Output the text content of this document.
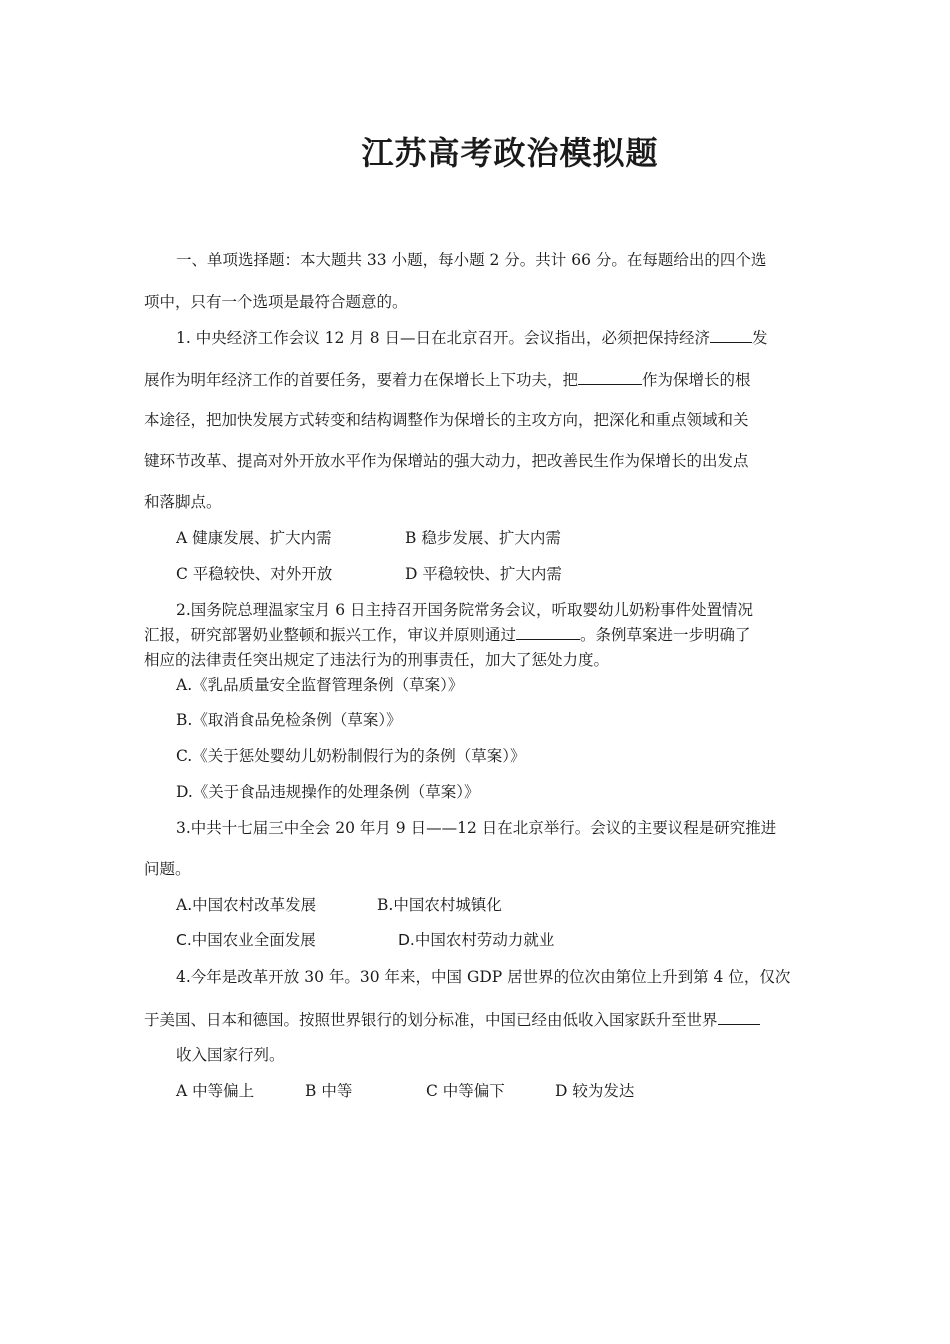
江苏高考政治模拟题
一、单项选择题：本大题共 33 小题，每小题 2 分。共计 66 分。在每题给出的四个选
项中，只有一个选项是最符合题意的。
1. 中央经济工作会议 12 月 8 日—日在北京召开。会议指出，必须把保持经济	发
展作为明年经济工作的首要任务，要着力在保增长上下功夫，把	作为保增长的根
本途径，把加快发展方式转变和结构调整作为保增长的主攻方向，把深化和重点领域和关
键环节改革、提高对外开放水平作为保增站的强大动力，把改善民生作为保增长的出发点
和落脚点。
A 健康发展、扩大内需	B 稳步发展、扩大内需
C 平稳较快、对外开放	D 平稳较快、扩大内需
2.国务院总理温家宝月 6 日主持召开国务院常务会议，听取婴幼儿奶粉事件处置情况
汇报，研究部署奶业整顿和振兴工作，审议并原则通过	。条例草案进一步明确了
相应的法律责任突出规定了违法行为的刑事责任，加大了惩处力度。
A.《乳品质量安全监督管理条例（草案）》
B.《取消食品免检条例（草案）》
C.《关于惩处婴幼儿奶粉制假行为的条例（草案）》
D.《关于食品违规操作的处理条例（草案）》
3.中共十七届三中全会 20 年月 9 日——12 日在北京举行。会议的主要议程是研究推进
问题。
A.中国农村改革发展	B.中国农村城镇化
C.中国农业全面发展	D.中国农村劳动力就业
4.今年是改革开放 30 年。30 年来，中国 GDP 居世界的位次由第位上升到第 4 位，仅次
于美国、日本和德国。按照世界银行的划分标准，中国已经由低收入国家跃升至世界
收入国家行列。
A 中等偏上	B 中等	C 中等偏下	D 较为发达
